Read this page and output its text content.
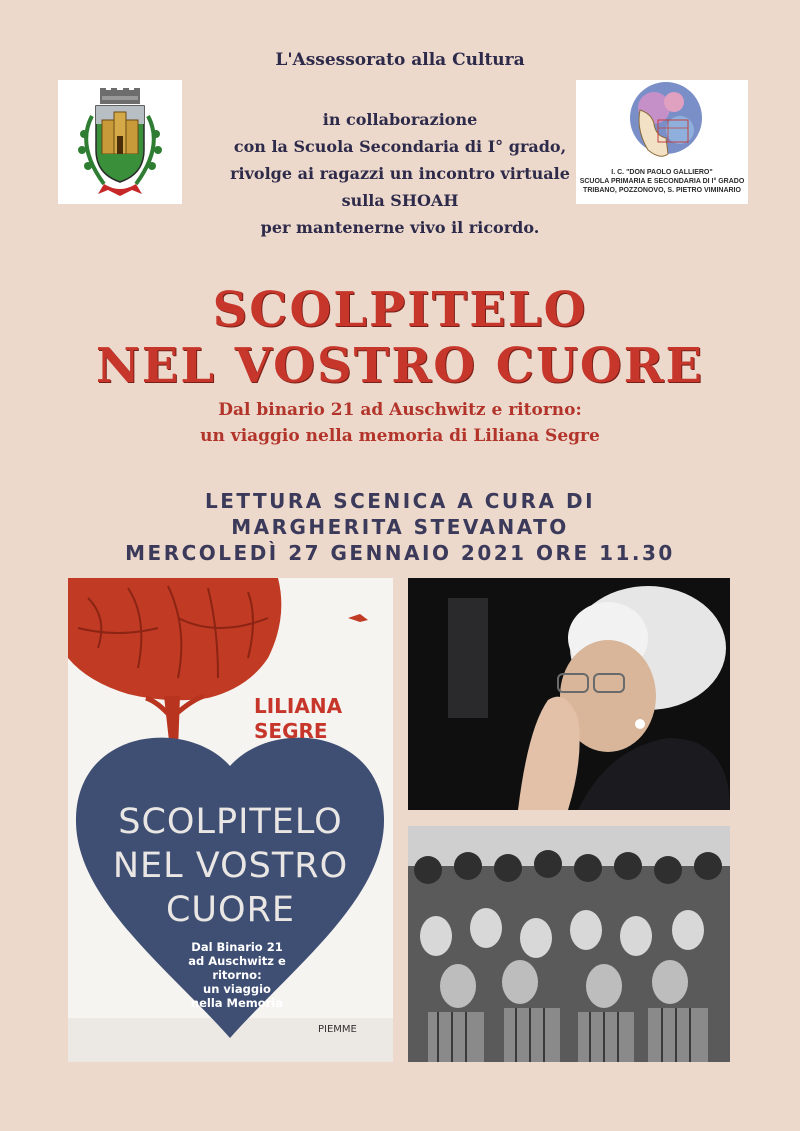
L'Assessorato alla Cultura
in collaborazione
con la Scuola Secondaria di I° grado,
rivolge ai ragazzi un incontro virtuale
sulla SHOAH
per mantenerne vivo il ricordo.
I. C. "DON PAOLO GALLIERO"
SCUOLA PRIMARIA E SECONDARIA DI I° GRADO
TRIBANO, POZZONOVO, S. PIETRO VIMINARIO
SCOLPITELO
NEL VOSTRO CUORE
Dal binario 21 ad Auschwitz e ritorno:
un viaggio nella memoria di Liliana Segre
LETTURA SCENICA A CURA DI
MARGHERITA STEVANATO
MERCOLEDÌ 27 GENNAIO 2021 ORE 11.30
LILIANA
SEGRE
SCOLPITELO
NEL VOSTRO
CUORE
Dal Binario 21
ad Auschwitz e ritorno:
un viaggio
nella Memoria
PIEMME
